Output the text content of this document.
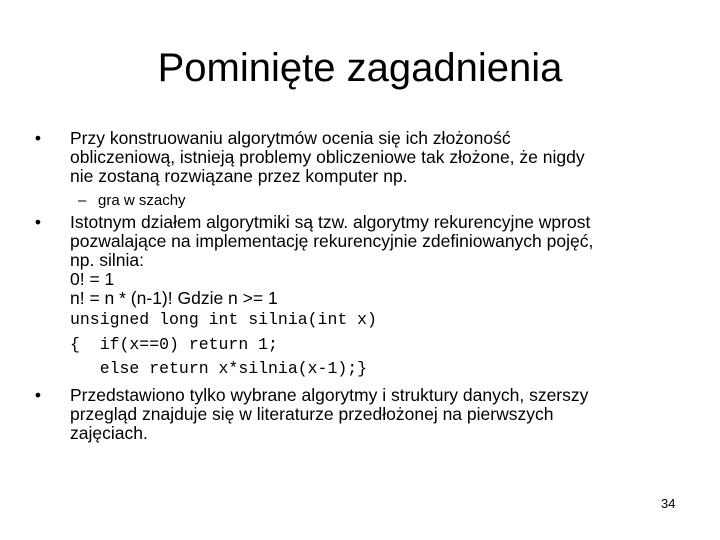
Pominięte zagadnienia
• Przy konstruowaniu algorytmów ocenia się ich złożoność
obliczeniową, istnieją problemy obliczeniowe tak złożone, że nigdy
nie zostaną rozwiązane przez komputer np.
– gra w szachy
• Istotnym działem algorytmiki są tzw. algorytmy rekurencyjne wprost
pozwalające na implementację rekurencyjnie zdefiniowanych pojęć,
np. silnia:
0! = 1
n! = n * (n-1)! Gdzie n >= 1
unsigned long int silnia(int x)
{  if(x==0) return 1;
else return x*silnia(x-1);}
• Przedstawiono tylko wybrane algorytmy i struktury danych, szerszy
przegląd znajduje się w literaturze przedłożonej na pierwszych
zajęciach.
34
